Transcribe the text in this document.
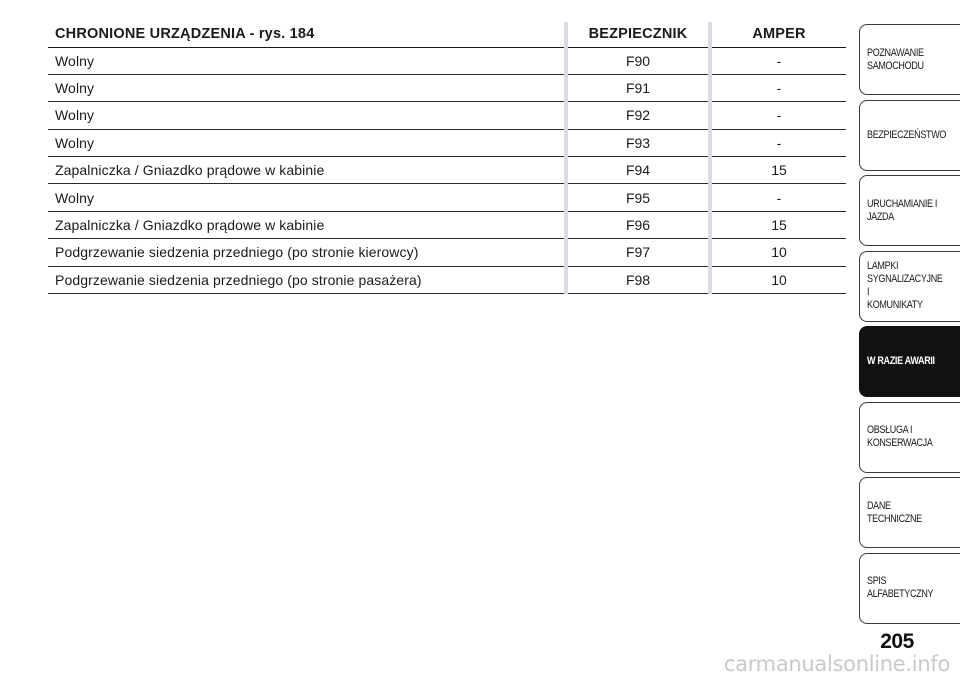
CHRONIONE URZĄDZENIA - rys. 184	BEZPIECZNIK	AMPER
Wolny	F90	-
Wolny	F91	-
Wolny	F92	-
Wolny	F93	-
Zapalniczka / Gniazdko prądowe w kabinie	F94	15
Wolny	F95	-
Zapalniczka / Gniazdko prądowe w kabinie	F96	15
Podgrzewanie siedzenia przedniego (po stronie kierowcy)	F97	10
Podgrzewanie siedzenia przedniego (po stronie pasażera)	F98	10
POZNAWANIE
SAMOCHODU
BEZPIECZEŃSTWO
URUCHAMIANIE I
JAZDA
LAMPKI
SYGNALIZACYJNE I
KOMUNIKATY
W RAZIE AWARII
OBSŁUGA I
KONSERWACJA
DANE TECHNICZNE
SPIS ALFABETYCZNY
205
carmanualsonline.info
